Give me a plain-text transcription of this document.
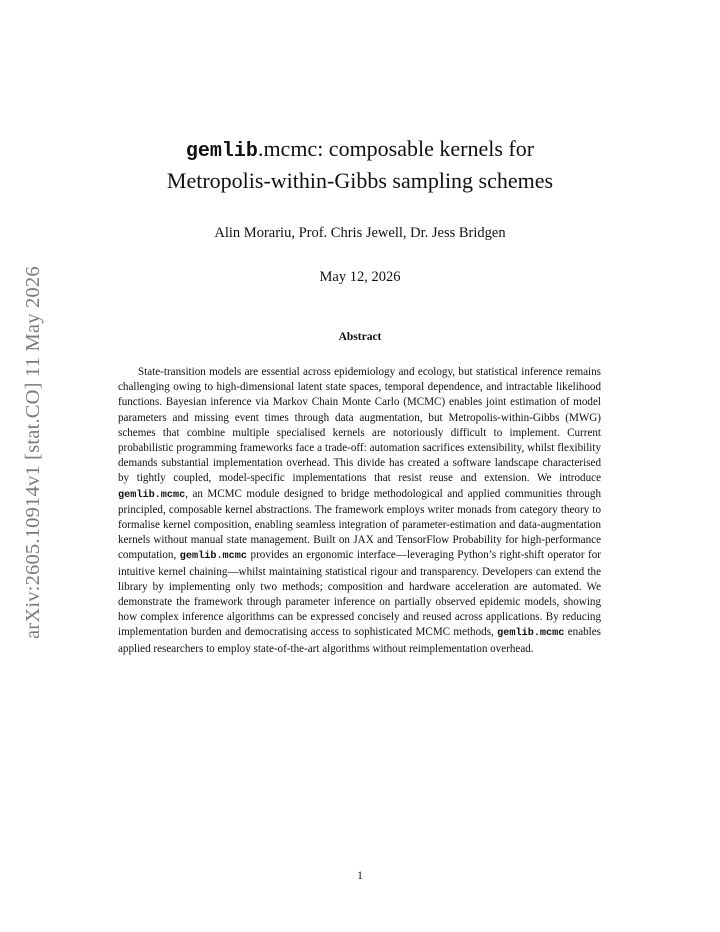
arXiv:2605.10914v1 [stat.CO] 11 May 2026
gemlib.mcmc: composable kernels for
Metropolis-within-Gibbs sampling schemes
Alin Morariu, Prof. Chris Jewell, Dr. Jess Bridgen
May 12, 2026
Abstract
State-transition models are essential across epidemiology and ecology, but statistical inference remains challenging owing to high-dimensional latent state spaces, temporal dependence, and intractable likelihood functions. Bayesian inference via Markov Chain Monte Carlo (MCMC) enables joint estimation of model parameters and missing event times through data augmentation, but Metropolis-within-Gibbs (MWG) schemes that combine multiple specialised kernels are notoriously difficult to implement. Current probabilistic programming frameworks face a trade-off: automation sacrifices extensibility, whilst flexibility demands substantial implementation overhead. This divide has created a software landscape characterised by tightly coupled, model-specific implementations that resist reuse and extension. We introduce gemlib.mcmc, an MCMC module designed to bridge methodological and applied communities through principled, composable kernel abstractions. The framework employs writer monads from category theory to formalise kernel composition, enabling seamless integration of parameter-estimation and data-augmentation kernels without manual state management. Built on JAX and TensorFlow Probability for high-performance computation, gemlib.mcmc provides an ergonomic interface—leveraging Python’s right-shift operator for intuitive kernel chaining—whilst maintaining statistical rigour and transparency. Developers can extend the library by implementing only two methods; composition and hardware acceleration are automated. We demonstrate the framework through parameter inference on partially observed epidemic models, showing how complex inference algorithms can be expressed concisely and reused across applications. By reducing implementation burden and democratising access to sophisticated MCMC methods, gemlib.mcmc enables applied researchers to employ state-of-the-art algorithms without reimplementation overhead.
1
